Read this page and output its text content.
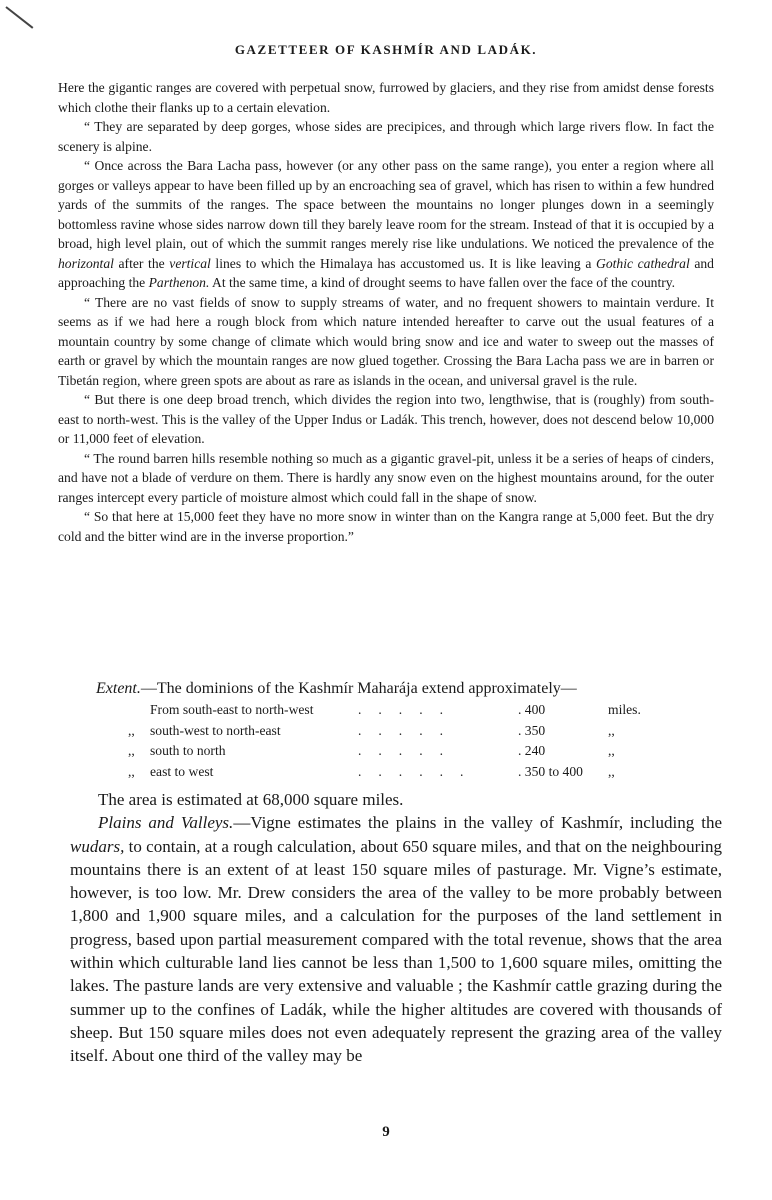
GAZETTEER OF KASHMÍR AND LADÁK.

Here the gigantic ranges are covered with perpetual snow, furrowed by glaciers, and they rise from amidst dense forests which clothe their flanks up to a certain elevation.

“ They are separated by deep gorges, whose sides are precipices, and through which large rivers flow. In fact the scenery is alpine.

“ Once across the Bara Lacha pass, however (or any other pass on the same range), you enter a region where all gorges or valleys appear to have been filled up by an encroaching sea of gravel, which has risen to within a few hundred yards of the summits of the ranges. The space between the mountains no longer plunges down in a seemingly bottomless ravine whose sides narrow down till they barely leave room for the stream. Instead of that it is occupied by a broad, high level plain, out of which the summit ranges merely rise like undulations. We noticed the prevalence of the horizontal after the vertical lines to which the Himalaya has accustomed us. It is like leaving a Gothic cathedral and approaching the Parthenon. At the same time, a kind of drought seems to have fallen over the face of the country.

“ There are no vast fields of snow to supply streams of water, and no frequent showers to maintain verdure. It seems as if we had here a rough block from which nature intended hereafter to carve out the usual features of a mountain country by some change of climate which would bring snow and ice and water to sweep out the masses of earth or gravel by which the mountain ranges are now glued together. Crossing the Bara Lacha pass we are in barren or Tibetán region, where green spots are about as rare as islands in the ocean, and universal gravel is the rule.

“ But there is one deep broad trench, which divides the region into two, lengthwise, that is (roughly) from south-east to north-west. This is the valley of the Upper Indus or Ladák. This trench, however, does not descend below 10,000 or 11,000 feet of elevation.

“ The round barren hills resemble nothing so much as a gigantic gravel-pit, unless it be a series of heaps of cinders, and have not a blade of verdure on them. There is hardly any snow even on the highest mountains around, for the outer ranges intercept every particle of moisture almost which could fall in the shape of snow.

“ So that here at 15,000 feet they have no more snow in winter than on the Kangra range at 5,000 feet. But the dry cold and the bitter wind are in the inverse proportion.”

Extent.—The dominions of the Kashmír Maharája extend approximately—

	From south-east to north-west	.....	. 400	miles.
,,	south-west to north-east	.....	. 350	,,
,,	south to north	.....	. 240	,,
,,	east to west	......	. 350 to 400	,,

The area is estimated at 68,000 square miles.

Plains and Valleys.—Vigne estimates the plains in the valley of Kashmír, including the wudars, to contain, at a rough calculation, about 650 square miles, and that on the neighbouring mountains there is an extent of at least 150 square miles of pasturage. Mr. Vigne’s estimate, however, is too low. Mr. Drew considers the area of the valley to be more probably between 1,800 and 1,900 square miles, and a calculation for the purposes of the land settlement in progress, based upon partial measurement compared with the total revenue, shows that the area within which culturable land lies cannot be less than 1,500 to 1,600 square miles, omitting the lakes. The pasture lands are very extensive and valuable ; the Kashmír cattle grazing during the summer up to the confines of Ladák, while the higher altitudes are covered with thousands of sheep. But 150 square miles does not even adequately represent the grazing area of the valley itself. About one third of the valley may be

9
